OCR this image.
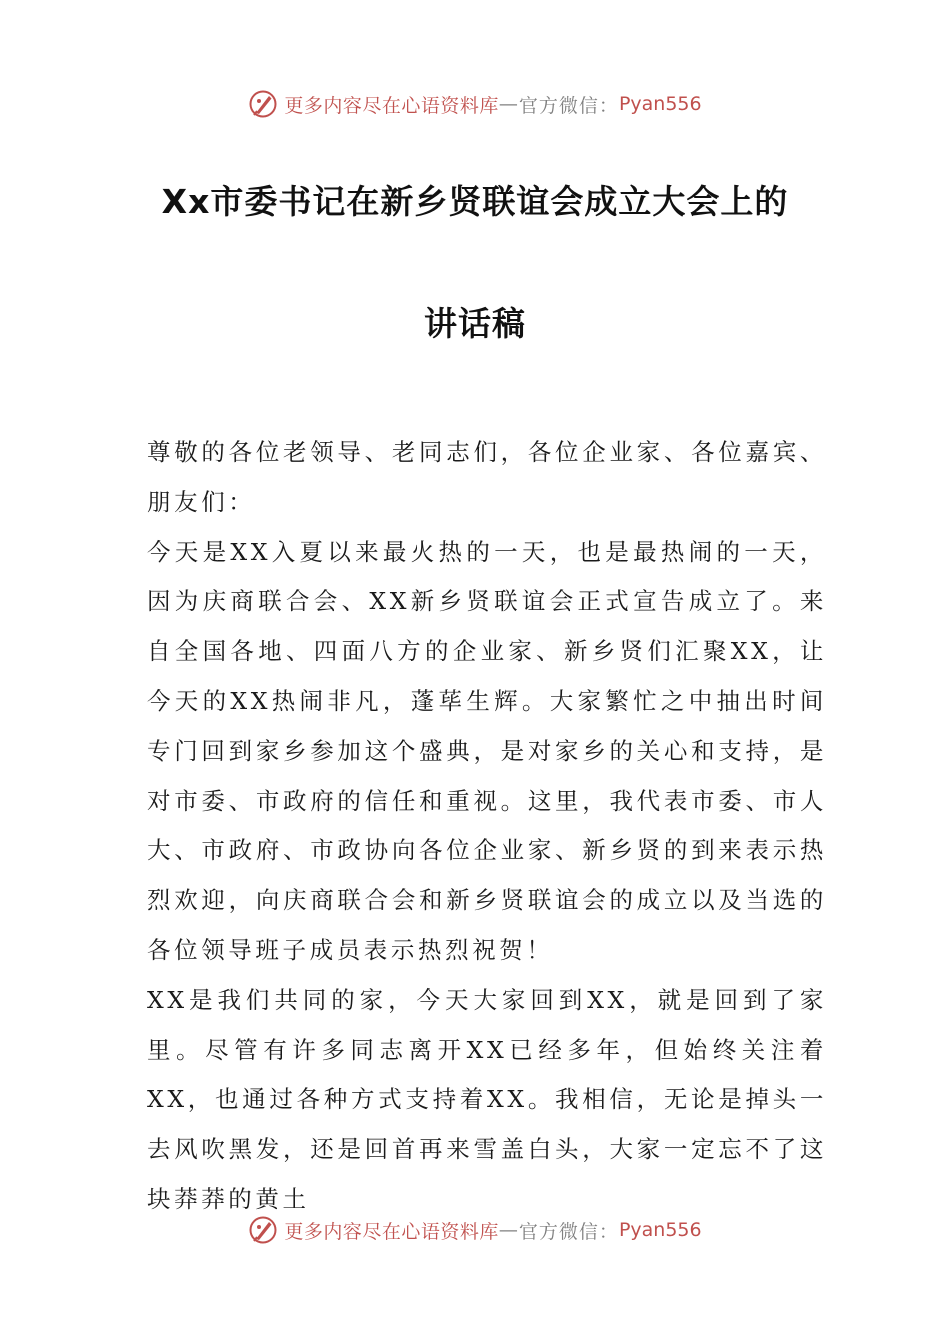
更多内容尽在心语资料库 — 官方微信： Pyan556
Xx市委书记在新乡贤联谊会成立大会上的
讲话稿

尊敬的各位老领导、老同志们，各位企业家、各位嘉宾、朋友们：

今天是XX入夏以来最火热的一天，也是最热闹的一天，因为庆商联合会、XX新乡贤联谊会正式宣告成立了。来自全国各地、四面八方的企业家、新乡贤们汇聚XX，让今天的XX热闹非凡，蓬荜生辉。大家繁忙之中抽出时间专门回到家乡参加这个盛典，是对家乡的关心和支持，是对市委、市政府的信任和重视。这里，我代表市委、市人大、市政府、市政协向各位企业家、新乡贤的到来表示热烈欢迎，向庆商联合会和新乡贤联谊会的成立以及当选的各位领导班子成员表示热烈祝贺！

XX是我们共同的家，今天大家回到XX，就是回到了家里。尽管有许多同志离开XX已经多年，但始终关注着XX，也通过各种方式支持着XX。我相信，无论是掉头一去风吹黑发，还是回首再来雪盖白头，大家一定忘不了这块莽莽的黄土

更多内容尽在心语资料库 — 官方微信： Pyan556
